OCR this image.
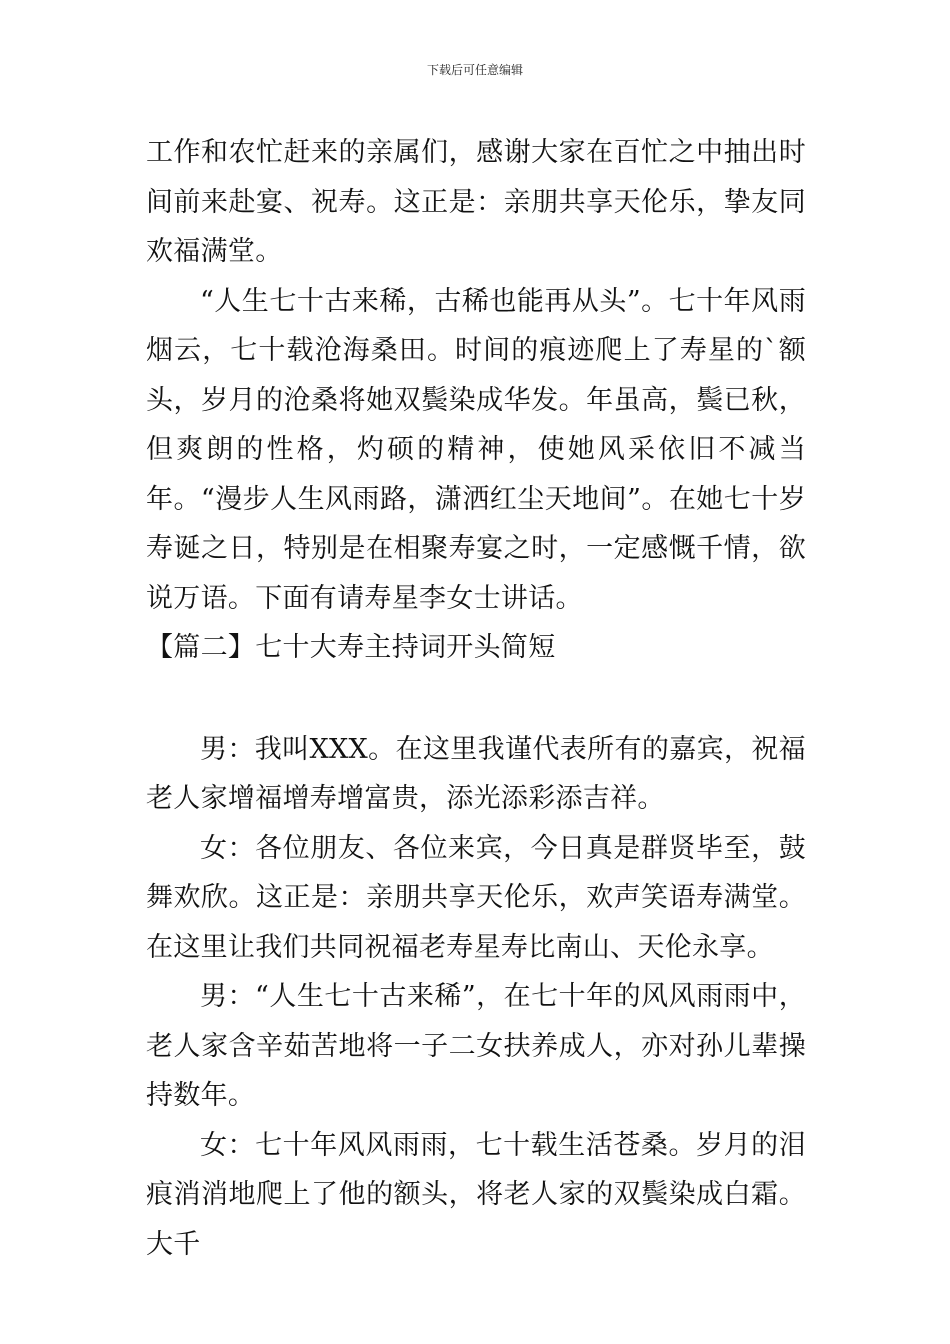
下载后可任意编辑

工作和农忙赶来的亲属们，感谢大家在百忙之中抽出时间前来赴宴、祝寿。这正是：亲朋共享天伦乐，挚友同欢福满堂。

“人生七十古来稀，古稀也能再从头”。七十年风雨烟云，七十载沧海桑田。时间的痕迹爬上了寿星的`额头，岁月的沧桑将她双鬓染成华发。年虽高，鬓已秋，但爽朗的性格，灼硕的精神，使她风采依旧不减当年。“漫步人生风雨路，潇洒红尘天地间”。在她七十岁寿诞之日，特别是在相聚寿宴之时，一定感慨千情，欲说万语。下面有请寿星李女士讲话。

【篇二】七十大寿主持词开头简短

男：我叫XXX。在这里我谨代表所有的嘉宾，祝福老人家增福增寿增富贵，添光添彩添吉祥。

女：各位朋友、各位来宾，今日真是群贤毕至，鼓舞欢欣。这正是：亲朋共享天伦乐，欢声笑语寿满堂。在这里让我们共同祝福老寿星寿比南山、天伦永享。

男：“人生七十古来稀”，在七十年的风风雨雨中，老人家含辛茹苦地将一子二女扶养成人，亦对孙儿辈操持数年。

女：七十年风风雨雨，七十载生活苍桑。岁月的泪痕消消地爬上了他的额头，将老人家的双鬓染成白霜。大千
